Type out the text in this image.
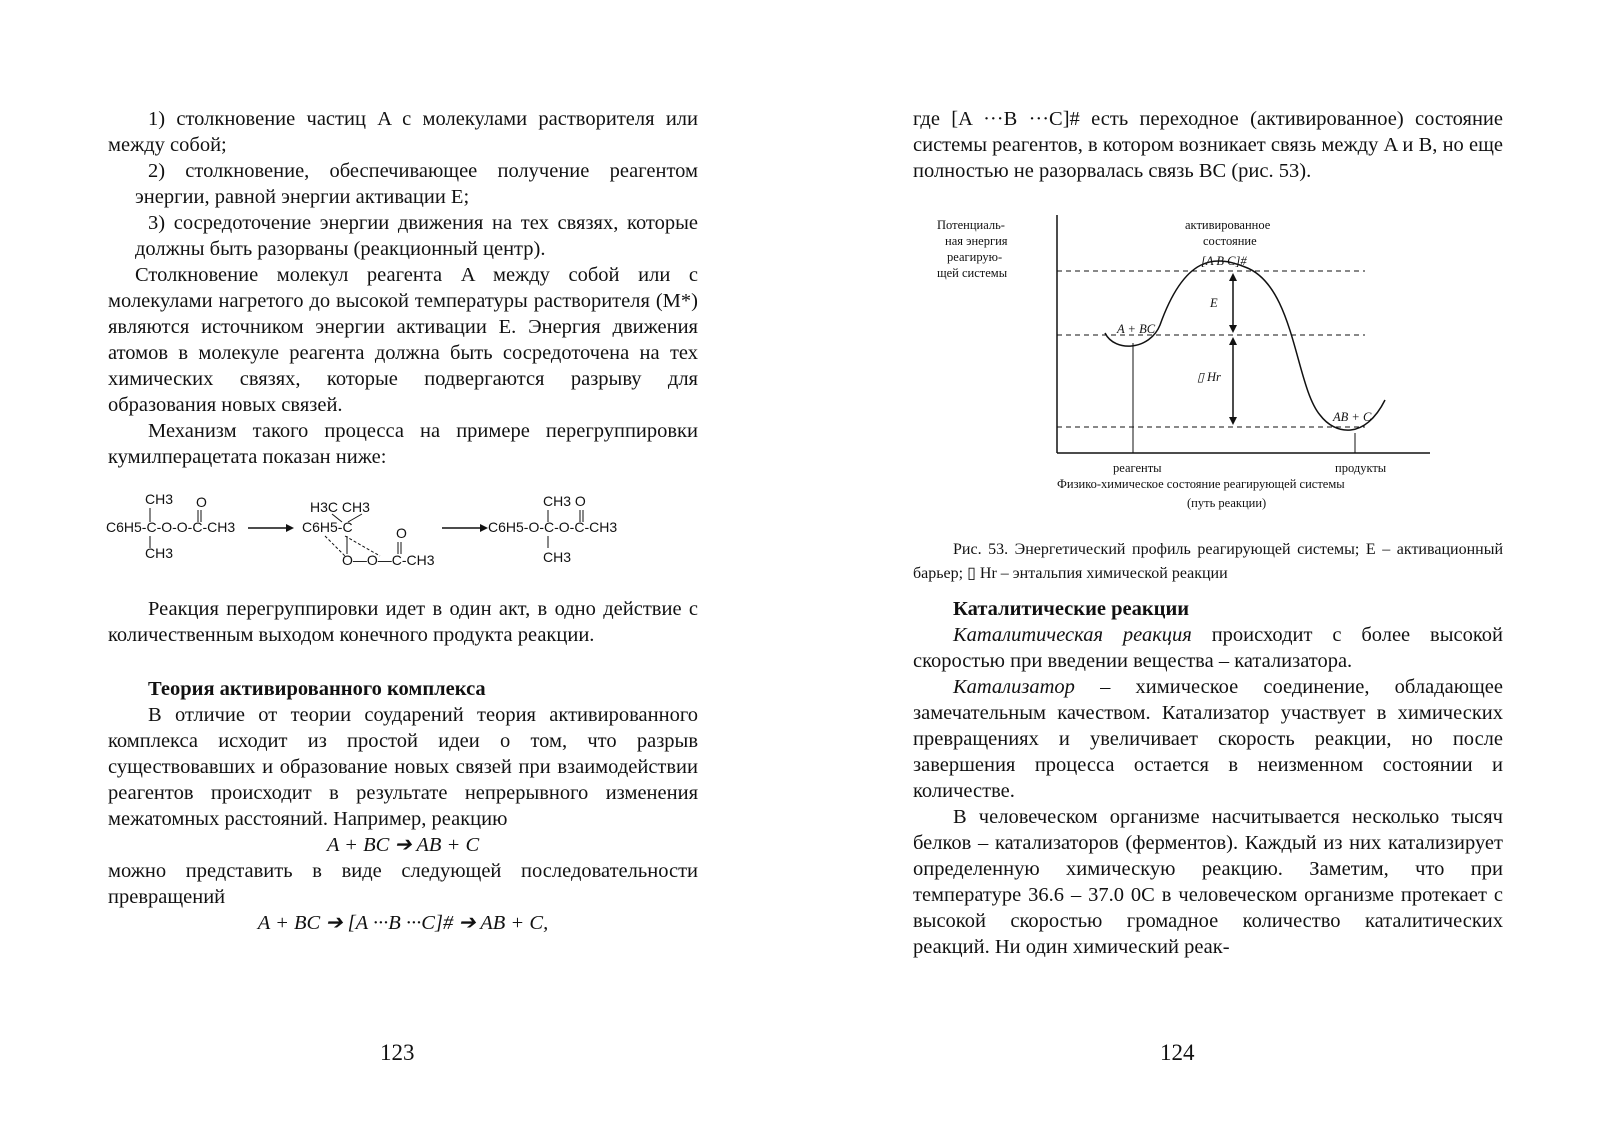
1) столкновение частиц A с молекулами растворителя или между собой;

2) столкновение, обеспечивающее получение реагентом энергии, равной энергии активации E;

3) сосредоточение энергии движения на тех связях, которые должны быть разорваны (реакционный центр).

Столкновение молекул реагента A между собой или с молекулами нагретого до высокой температуры растворителя (M*) являются источником энергии активации E. Энергия движения атомов в молекуле реагента должна быть сосредоточена на тех химических связях, которые подвергаются разрыву для образования новых связей.

Механизм такого процесса на примере перегруппировки кумилперацетата показан ниже:

CH3 O
C6H5-C-O-O-C-CH3
CH3
H3C CH3
C6H5-C	O
O—O—C-CH3
CH3 O
C6H5-O-C-O-C-CH3
CH3

Реакция перегруппировки идет в один акт, в одно действие с количественным выходом конечного продукта реакции.

Теория активированного комплекса

В отличие от теории соударений теория активированного комплекса исходит из простой идеи о том, что разрыв существовавших и образование новых связей при взаимодействии реагентов происходит в результате непрерывного изменения межатомных расстояний. Например, реакцию

A + BC ➔ AB + C

можно представить в виде следующей последовательности превращений

A + BC ➔ [A ···B ···C]# ➔ AB + C,

123

где [A ···B ···C]# есть переходное (активированное) состояние системы реагентов, в котором возникает связь между A и B, но еще полностью не разорвалась связь BC (рис. 53).

Потенциаль-
ная энергия
реагирую-
щей системы
активированное
состояние
[A B C]#
A + BC
AB + C
E
▯ Hr
реагенты	продукты
Физико-химическое состояние реагирующей системы
(путь реакции)
Рис. 53. Энергетический профиль реагирующей системы; E – активационный барьер; ▯ Hr – энтальпия химической реакции

Каталитические реакции

Каталитическая реакция происходит с более высокой скоростью при введении вещества – катализатора.

Катализатор – химическое соединение, обладающее замечательным качеством. Катализатор участвует в химических превращениях и увеличивает скорость реакции, но после завершения процесса остается в неизменном состоянии и количестве.

В человеческом организме насчитывается несколько тысяч белков – катализаторов (ферментов). Каждый из них катализирует определенную химическую реакцию. Заметим, что при температуре 36.6 – 37.0 0С в человеческом организме протекает с высокой скоростью громадное количество каталитических реакций. Ни один химический реак-

124
